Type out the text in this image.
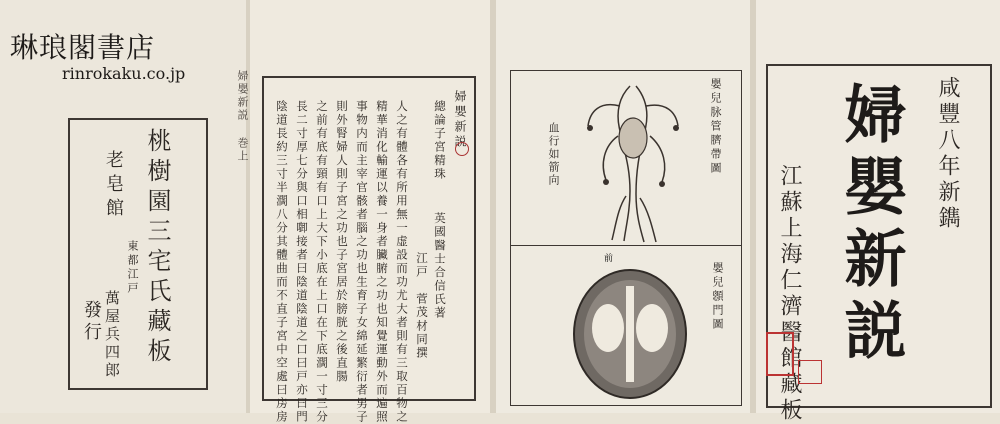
琳琅閣書店
rinrokaku.co.jp
桃樹園三宅氏藏板
老皂館
東都江戸
萬屋兵四郎
發行
婦嬰新説 巻上	婦嬰新説
總論子宮精珠
英國醫士合信氏著
江戸　菅茂材同撰
人之有體各有所用無一虚設而功尤大者則有三取百物之
精華消化輸運以養一身者臟腑之功也知覺運動外而遍照
事物内而主宰官骸者腦之功也生育子女綿延繁衍者男子
則外腎婦人則子宮之功也子宮居於膀胱之後直腸
之前有底有頸有口上大下小底在上口在下底濶一寸三分
長二寸厚七分與口相啣接者曰陰道陰道之口曰戸亦曰門
陰道長約三寸半濶八分其體曲而不直子宮中空處曰房房	嬰兒脉管臍帶圖
血行如箭向
嬰兒顖門圖
前
咸豐八年新鐫
婦嬰新説
江蘇上海仁濟醫館藏板
